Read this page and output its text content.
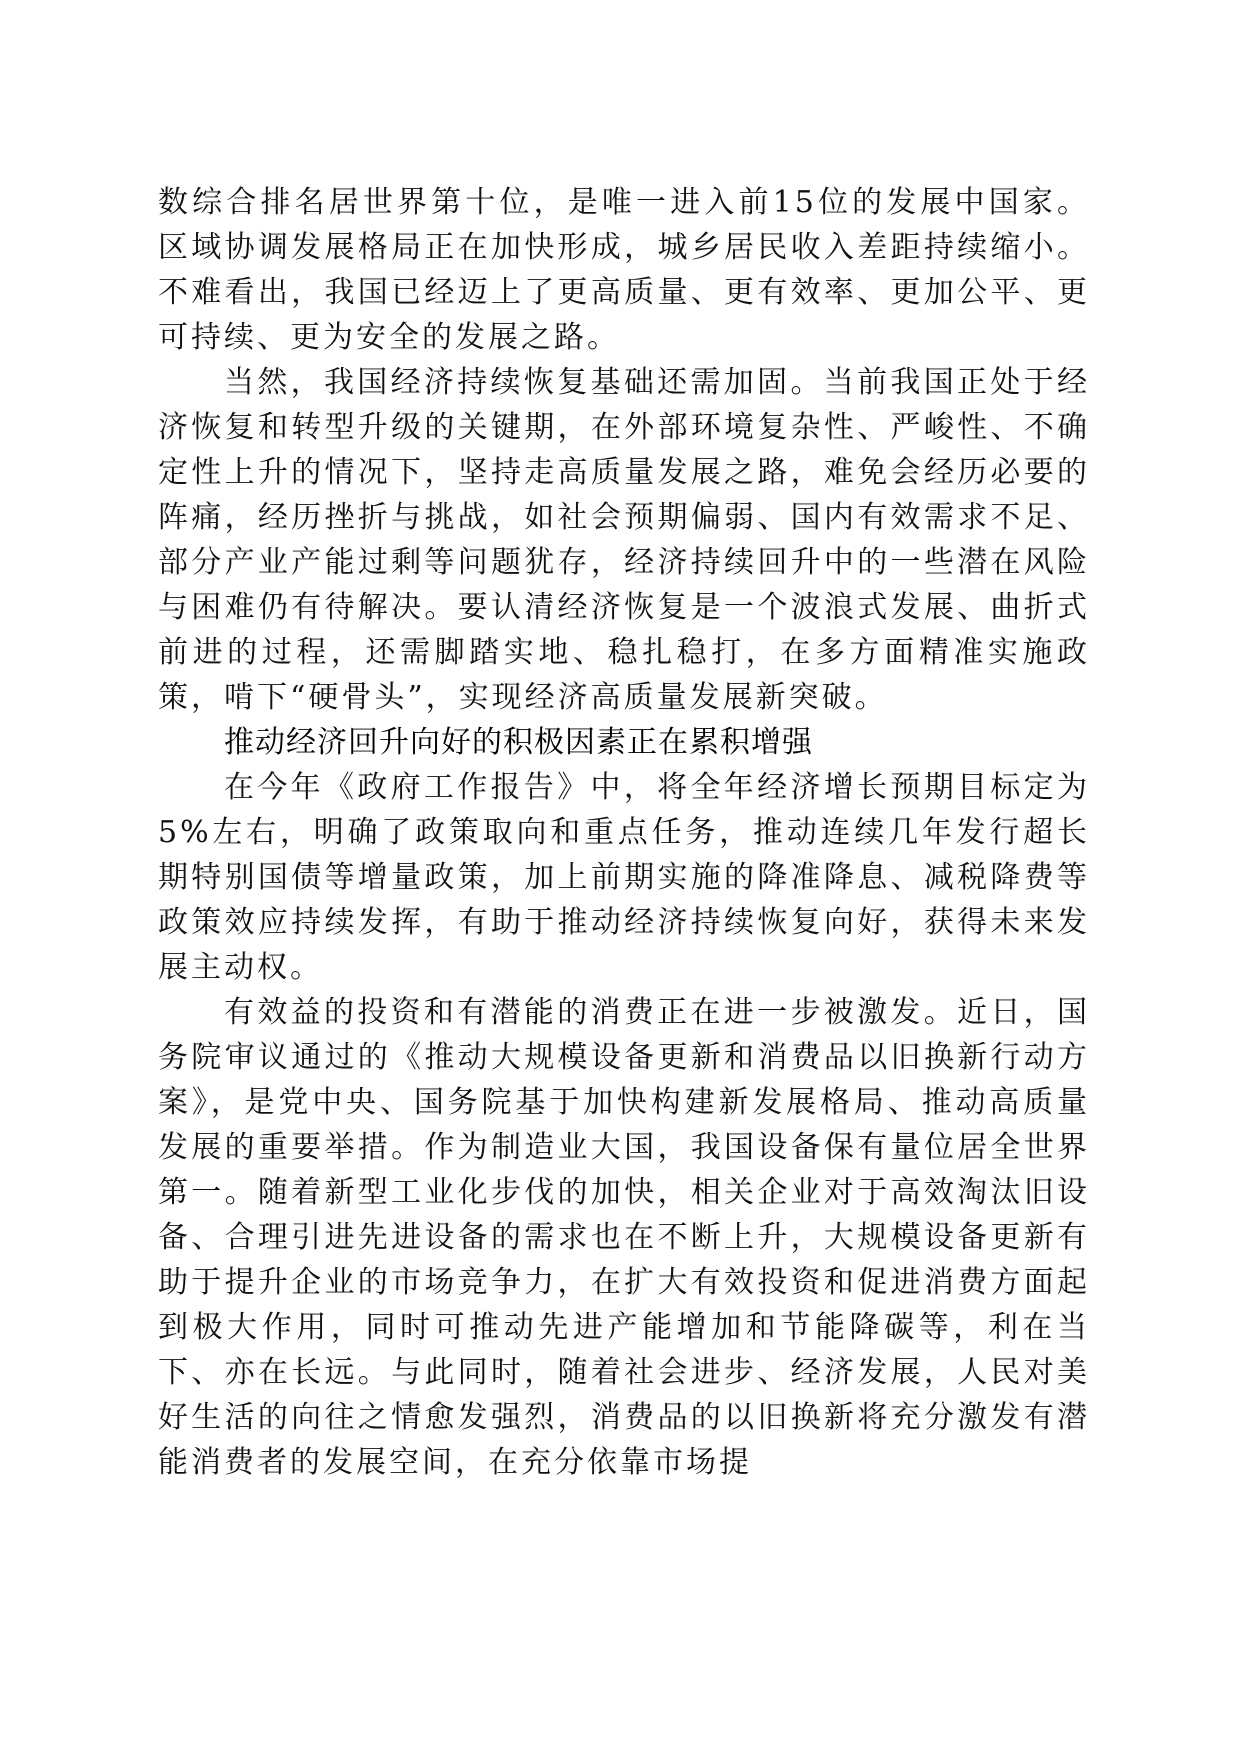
数综合排名居世界第十位，是唯一进入前15位的发展中国家。区域协调发展格局正在加快形成，城乡居民收入差距持续缩小。不难看出，我国已经迈上了更高质量、更有效率、更加公平、更可持续、更为安全的发展之路。

当然，我国经济持续恢复基础还需加固。当前我国正处于经济恢复和转型升级的关键期，在外部环境复杂性、严峻性、不确定性上升的情况下，坚持走高质量发展之路，难免会经历必要的阵痛，经历挫折与挑战，如社会预期偏弱、国内有效需求不足、部分产业产能过剩等问题犹存，经济持续回升中的一些潜在风险与困难仍有待解决。要认清经济恢复是一个波浪式发展、曲折式前进的过程，还需脚踏实地、稳扎稳打，在多方面精准实施政策，啃下“硬骨头”，实现经济高质量发展新突破。

推动经济回升向好的积极因素正在累积增强

在今年《政府工作报告》中，将全年经济增长预期目标定为5%左右，明确了政策取向和重点任务，推动连续几年发行超长期特别国债等增量政策，加上前期实施的降准降息、减税降费等政策效应持续发挥，有助于推动经济持续恢复向好，获得未来发展主动权。

有效益的投资和有潜能的消费正在进一步被激发。近日，国务院审议通过的《推动大规模设备更新和消费品以旧换新行动方案》，是党中央、国务院基于加快构建新发展格局、推动高质量发展的重要举措。作为制造业大国，我国设备保有量位居全世界第一。随着新型工业化步伐的加快，相关企业对于高效淘汰旧设备、合理引进先进设备的需求也在不断上升，大规模设备更新有助于提升企业的市场竞争力，在扩大有效投资和促进消费方面起到极大作用，同时可推动先进产能增加和节能降碳等，利在当下、亦在长远。与此同时，随着社会进步、经济发展，人民对美好生活的向往之情愈发强烈，消费品的以旧换新将充分激发有潜能消费者的发展空间，在充分依靠市场提
